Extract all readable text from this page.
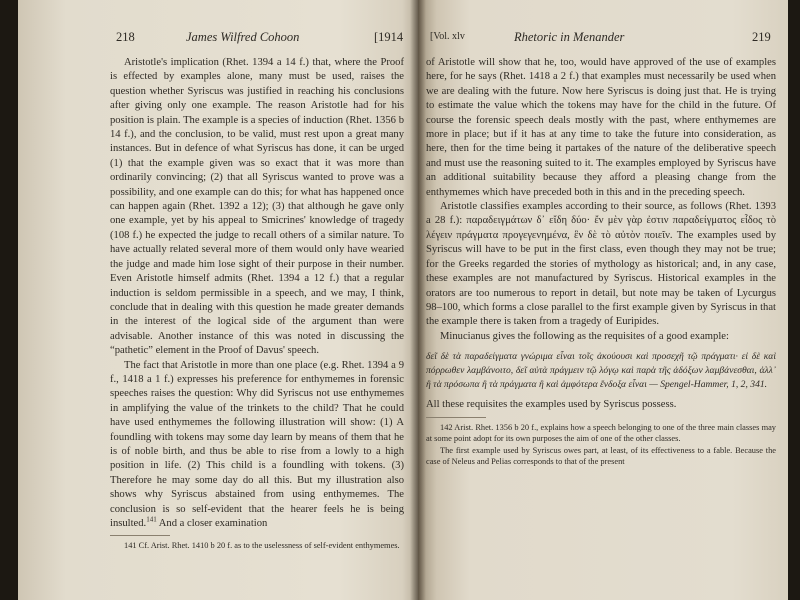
218	James Wilfred Cohoon	[1914

Aristotle's implication (Rhet. 1394 a 14 f.) that, where the Proof is effected by examples alone, many must be used, raises the question whether Syriscus was justified in reaching his conclusions after giving only one example. The reason Aristotle had for his position is plain. The example is a species of induction (Rhet. 1356 b 14 f.), and the conclusion, to be valid, must rest upon a great many instances. But in defence of what Syriscus has done, it can be urged (1) that the example given was so exact that it was more than ordinarily convincing; (2) that all Syriscus wanted to prove was a possibility, and one example can do this; for what has happened once can happen again (Rhet. 1392 a 12); (3) that although he gave only one example, yet by his appeal to Smicrines' knowledge of tragedy (108 f.) he expected the judge to recall others of a similar nature. To have actually related several more of them would only have wearied the judge and made him lose sight of their purpose in their number. Even Aristotle himself admits (Rhet. 1394 a 12 f.) that a regular induction is seldom permissible in a speech, and we may, I think, conclude that in dealing with this question he made greater demands in the interest of the logical side of the argument than were advisable. Another instance of this was noted in discussing the “pathetic” element in the Proof of Davus' speech.

The fact that Aristotle in more than one place (e.g. Rhet. 1394 a 9 f., 1418 a 1 f.) expresses his preference for enthymemes in forensic speeches raises the question: Why did Syriscus not use enthymemes in amplifying the value of the trinkets to the child? That he could have used enthymemes the following illustration will show: (1) A foundling with tokens may some day learn by means of them that he is of noble birth, and thus be able to rise from a lowly to a high position in life. (2) This child is a foundling with tokens. (3) Therefore he may some day do all this. But my illustration also shows why Syriscus abstained from using enthymemes. The conclusion is so self-evident that the hearer feels he is being insulted.$^{141}$ And a closer examination

141 Cf. Arist. Rhet. 1410 b 20 f. as to the uselessness of self-evident enthymemes.

[Vol. xlv	Rhetoric in Menander	219

of Aristotle will show that he, too, would have approved of the use of examples here, for he says (Rhet. 1418 a 2 f.) that examples must necessarily be used when we are dealing with the future. Now here Syriscus is doing just that. He is trying to estimate the value which the tokens may have for the child in the future. Of course the forensic speech deals mostly with the past, where enthymemes are more in place; but if it has at any time to take the future into consideration, as here, then for the time being it partakes of the nature of the deliberative speech and must use the reasoning suited to it. The examples employed by Syriscus have an additional suitability because they afford a pleasing change from the enthymemes which have preceded both in this and in the preceding speech.

Aristotle classifies examples according to their source, as follows (Rhet. 1393 a 28 f.): παραδειγμάτων δ᾽ εἴδη δύο· ἔν μὲν γὰρ ἐστιν παραδείγματος εἶδος τὸ λέγειν πράγματα προγεγενημένα, ἓν δὲ τὸ αὐτὸν ποιεῖν. The examples used by Syriscus will have to be put in the first class, even though they may not be true; for the Greeks regarded the stories of mythology as historical; and, in any case, these examples are not manufactured by Syriscus. Historical examples in the orators are too numerous to report in detail, but note may be taken of Lycurgus 98–100, which forms a close parallel to the first example given by Syriscus in that the example there is taken from a tragedy of Euripides.

Minucianus gives the following as the requisites of a good example:

δεῖ δὲ τὰ παραδείγματα γνώριμα εἶναι τοῖς ἀκούουσι καὶ προσεχῆ τῷ πράγματι· εἰ δὲ καὶ πόρρωθεν λαμβάνοιτο, δεῖ αὐτὰ πράγμειν τῷ λόγῳ καὶ παρὰ τῆς ἀδόξων λαμβάνεσθαι, ἀλλ᾽ ἢ τὰ πρόσωπα ἢ τὰ πράγματα ἢ καὶ ἀμφότερα ἔνδοξα εἶναι — Spengel-Hammer, 1, 2, 341.

All these requisites the examples used by Syriscus possess.

142 Arist. Rhet. 1356 b 20 f., explains how a speech belonging to one of the three main classes may at some point adopt for its own purposes the aim of one of the other classes.

The first example used by Syriscus owes part, at least, of its effectiveness to a fable. Because the case of Neleus and Pelias corresponds to that of the present
